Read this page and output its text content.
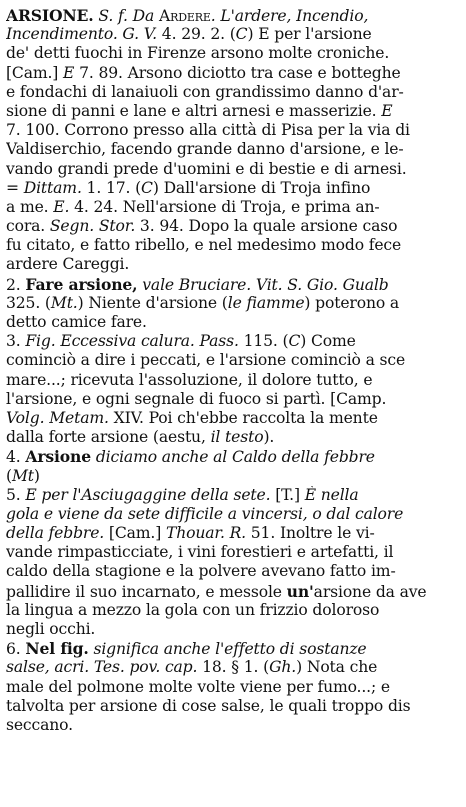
ARSIONE. S. f. Da Ardere. L'ardere, Incendio,
Incendimento. G. V. 4. 29. 2. (C) E per l'arsione
de' detti fuochi in Firenze arsono molte croniche.
[Cam.] E 7. 89. Arsono diciotto tra case e botteghe
e fondachi di lanaiuoli con grandissimo danno d'ar-
sione di panni e lane e altri arnesi e masserizie. E
7. 100. Corrono presso alla città di Pisa per la via di
Valdiserchio, facendo grande danno d'arsione, e le-
vando grandi prede d'uomini e di bestie e di arnesi.
= Dittam. 1. 17. (C) Dall'arsione di Troja infino
a me. E. 4. 24. Nell'arsione di Troja, e prima an-
cora. Segn. Stor. 3. 94. Dopo la quale arsione caso
fu citato, e fatto ribello, e nel medesimo modo fece
ardere Careggi.
2. Fare arsione, vale Bruciare. Vit. S. Gio. Gualb
325. (Mt.) Niente d'arsione (le fiamme) poterono a
detto camice fare.
3. Fig. Eccessiva calura. Pass. 115. (C) Come
cominciò a dire i peccati, e l'arsione cominciò a sce
mare...; ricevuta l'assoluzione, il dolore tutto, e
l'arsione, e ogni segnale di fuoco si partì. [Camp.
Volg. Metam. XIV. Poi ch'ebbe raccolta la mente
dalla forte arsione (aestu, il testo).
4. Arsione diciamo anche al Caldo della febbre
(Mt)
5. E per l'Asciugaggine della sete. [T.] È nella
gola e viene da sete difficile a vincersi, o dal calore
della febbre. [Cam.] Thouar. R. 51. Inoltre le vi-
vande rimpasticciate, i vini forestieri e artefatti, il
caldo della stagione e la polvere avevano fatto im-
pallidire il suo incarnato, e messole un'arsione da ave
la lingua a mezzo la gola con un frizzio doloroso
negli occhi.
6. Nel fig. significa anche l'effetto di sostanze
salse, acri. Tes. pov. cap. 18. § 1. (Gh.) Nota che
male del polmone molte volte viene per fumo...; e
talvolta per arsione di cose salse, le quali troppo dis
seccano.
